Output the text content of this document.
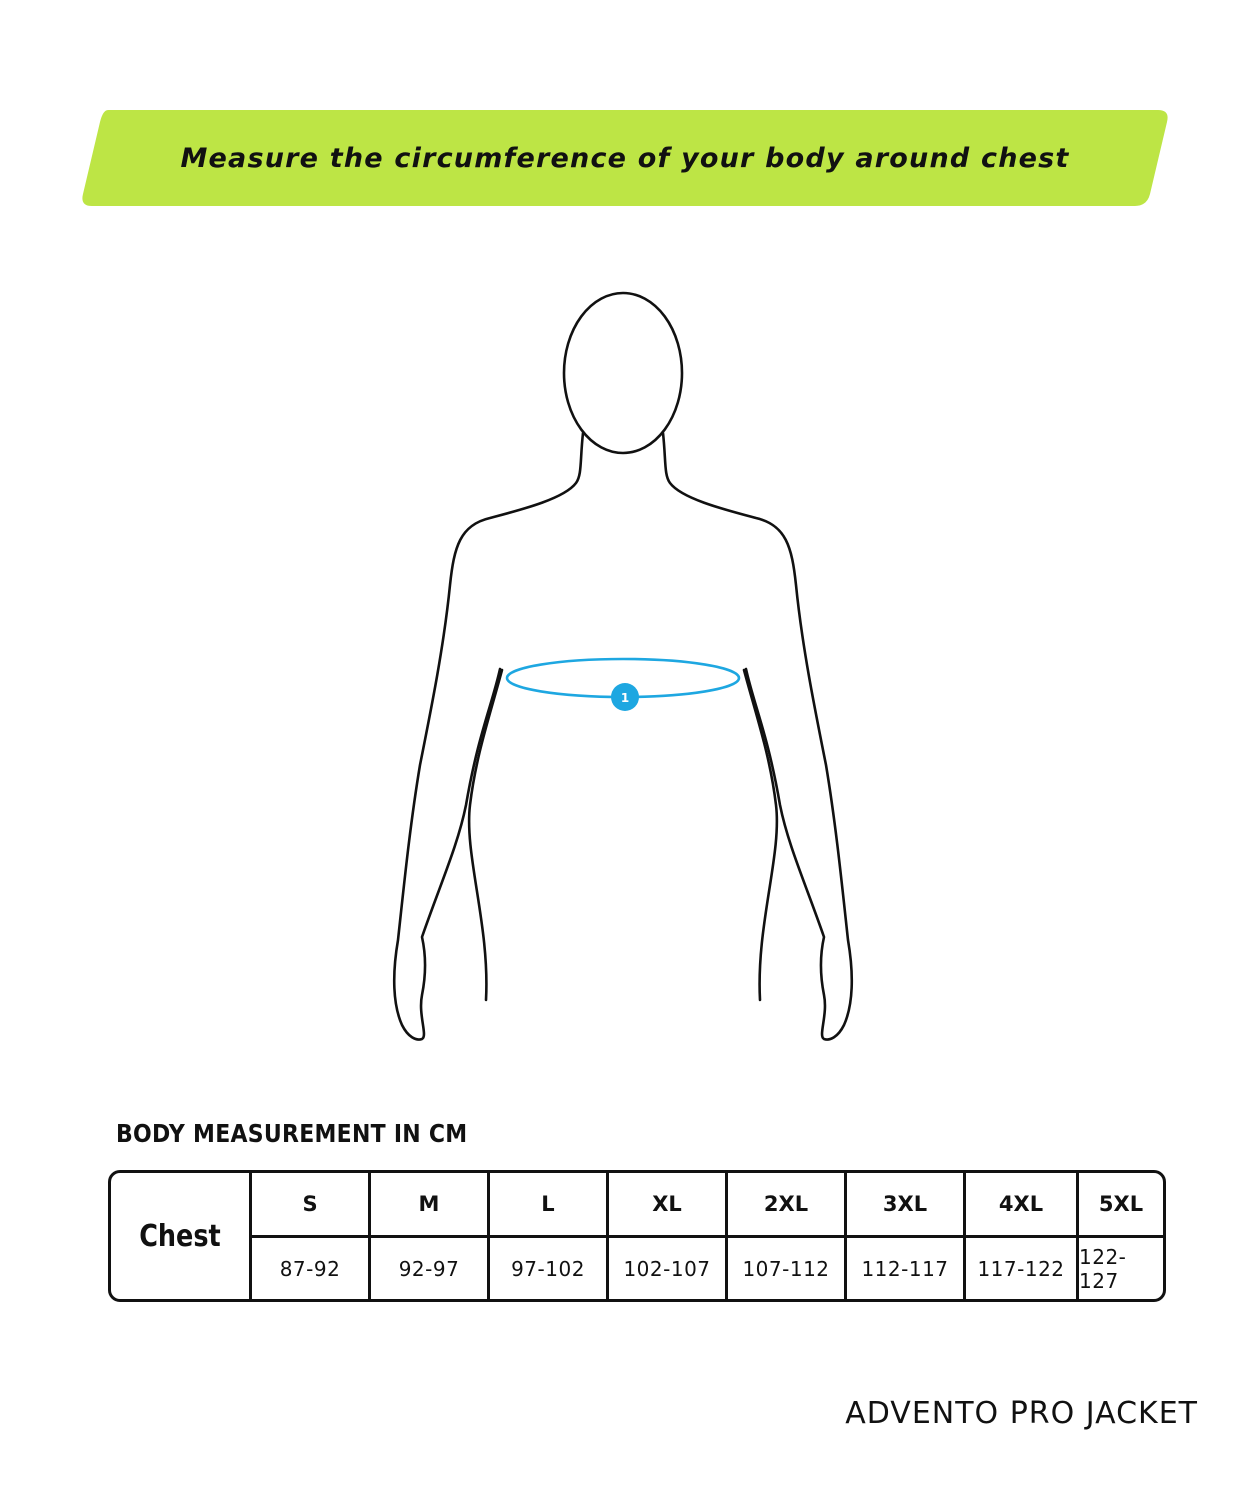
Measure the circumference of your body around chest
1
BODY MEASUREMENT IN CM
Chest
S
87-92
M
92-97
L
97-102
XL
102-107
2XL
107-112
3XL
112-117
4XL
117-122
5XL
122-127
ADVENTO PRO JACKET
